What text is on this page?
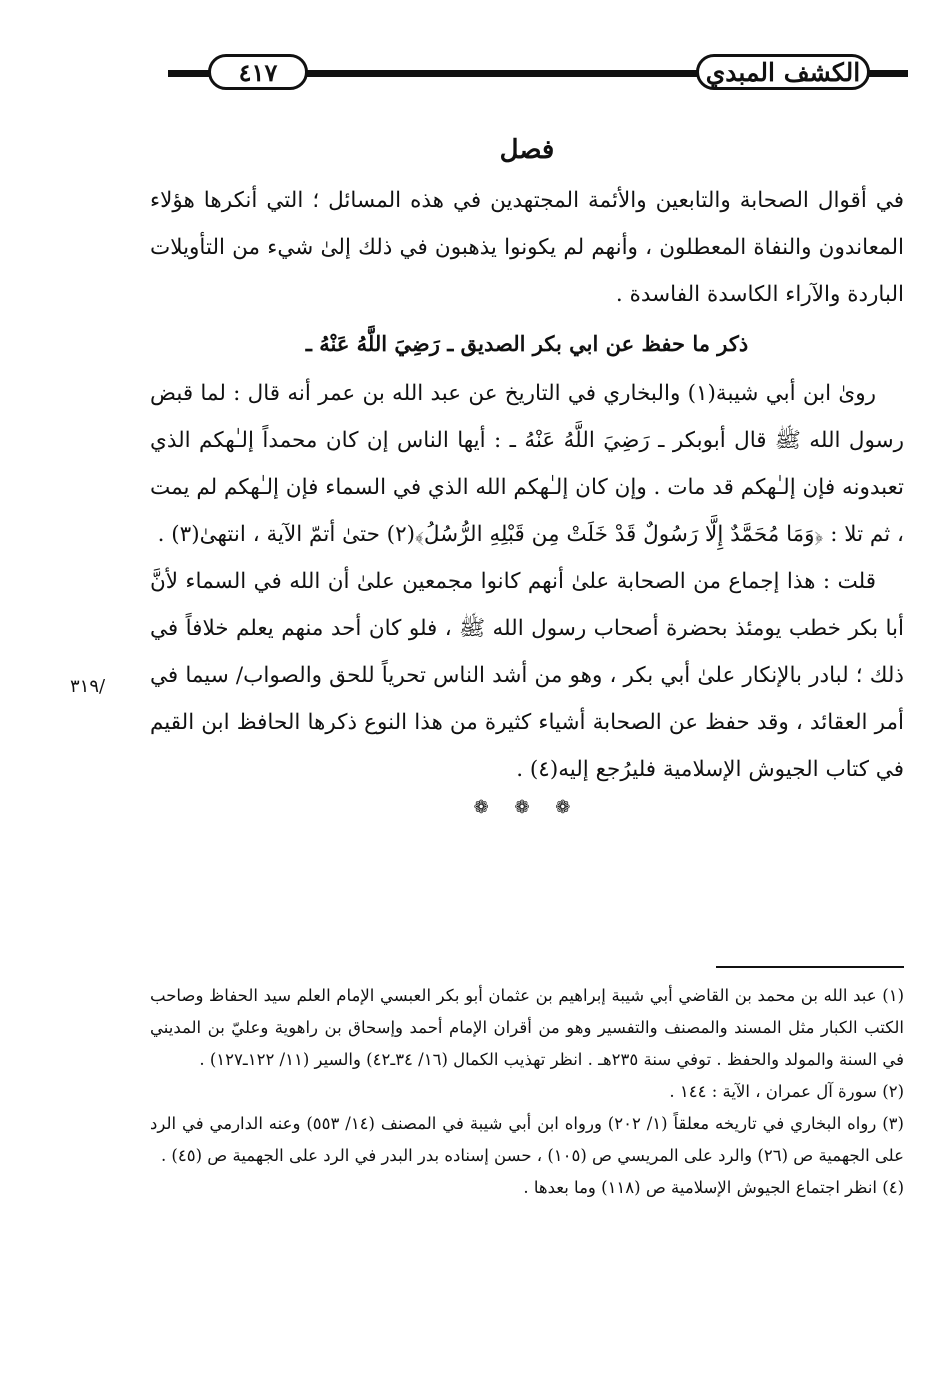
٤١٧	الكشف المبدي
فصل

في أقوال الصحابة والتابعين والأئمة المجتهدين في هذه المسائل ؛ التي أنكرها هؤلاء المعاندون والنفاة المعطلون ، وأنهم لم يكونوا يذهبون في ذلك إلىٰ شيء من التأويلات الباردة والآراء الكاسدة الفاسدة .

ذكر ما حفظ عن ابي بكر الصديق ـ رَضِيَ اللَّهُ عَنْهُ ـ

روىٰ ابن أبي شيبة(١) والبخاري في التاريخ عن عبد الله بن عمر أنه قال : لما قبض رسول الله ﷺ قال أبوبكر ـ رَضِيَ اللَّهُ عَنْهُ ـ : أيها الناس إن كان محمداً إلـٰهكم الذي تعبدونه فإن إلـٰهكم قد مات . وإن كان إلـٰهكم الله الذي في السماء فإن إلـٰهكم لم يمت ، ثم تلا : ﴿وَمَا مُحَمَّدٌ إِلَّا رَسُولٌ قَدْ خَلَتْ مِن قَبْلِهِ الرُّسُلُ﴾(٢) حتىٰ أتمّ الآية ، انتهىٰ(٣) .

قلت : هذا إجماع من الصحابة علىٰ أنهم كانوا مجمعين علىٰ أن الله في السماء لأنَّ أبا بكر خطب يومئذ بحضرة أصحاب رسول الله ﷺ ، فلو كان أحد منهم يعلم خلافاً في ذلك ؛ لبادر بالإنكار علىٰ أبي بكر ، وهو من أشد الناس تحرياً للحق والصواب/ سيما في أمر العقائد ، وقد حفظ عن الصحابة أشياء كثيرة من هذا النوع ذكرها الحافظ ابن القيم في كتاب الجيوش الإسلامية فليرُجع إليه(٤) .

❁ ❁ ❁
٣١٩/

(١) عبد الله بن محمد بن القاضي أبي شيبة إبراهيم بن عثمان أبو بكر العبسي الإمام العلم سيد الحفاظ وصاحب الكتب الكبار مثل المسند والمصنف والتفسير وهو من أقران الإمام أحمد وإسحاق بن راهوية وعليّ بن المديني في السنة والمولد والحفظ . توفي سنة ٢٣٥هـ . انظر تهذيب الكمال (١٦/ ٣٤ـ٤٢) والسير (١١/ ١٢٢ـ١٢٧) .

(٢) سورة آل عمران ، الآية : ١٤٤ .

(٣) رواه البخاري في تاريخه معلقاً (١/ ٢٠٢) ورواه ابن أبي شيبة في المصنف (١٤/ ٥٥٣) وعنه الدارمي في الرد على الجهمية ص (٢٦) والرد على المريسي ص (١٠٥) ، حسن إسناده بدر البدر في الرد على الجهمية ص (٤٥) .

(٤) انظر اجتماع الجيوش الإسلامية ص (١١٨) وما بعدها .
